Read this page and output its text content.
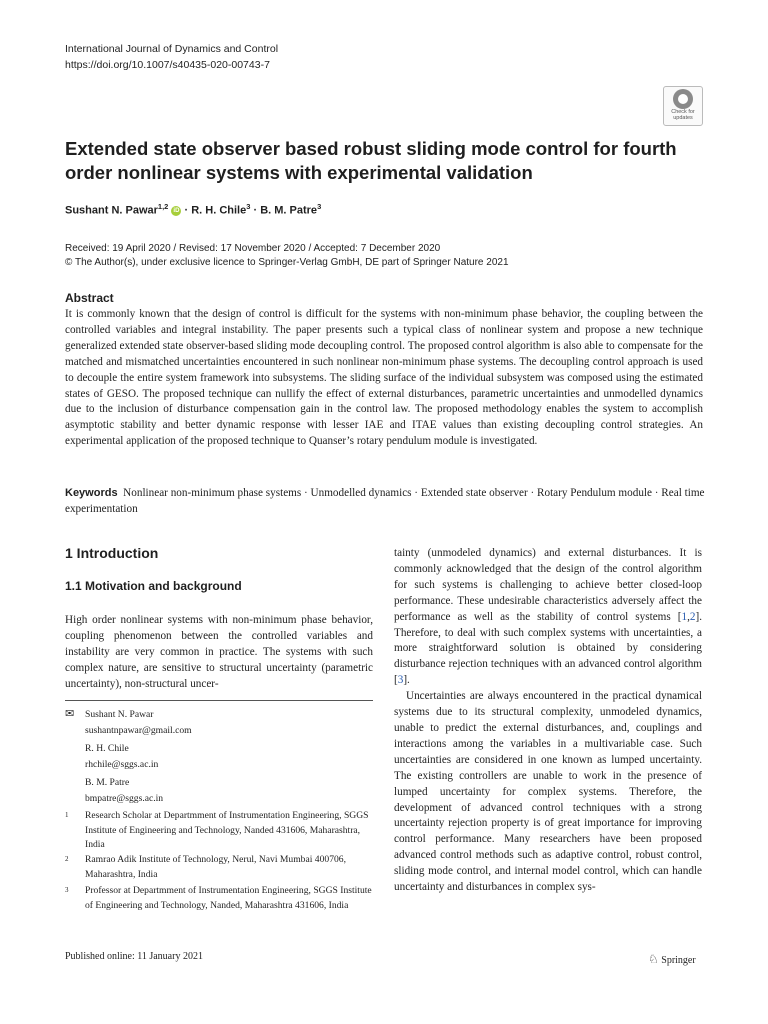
International Journal of Dynamics and Control
https://doi.org/10.1007/s40435-020-00743-7
Check for
updates
Extended state observer based robust sliding mode control for fourth order nonlinear systems with experimental validation
Sushant N. Pawar$^{1,2}$ iD · R. H. Chile$^3$ · B. M. Patre$^3$
Received: 19 April 2020 / Revised: 17 November 2020 / Accepted: 7 December 2020
© The Author(s), under exclusive licence to Springer-Verlag GmbH, DE part of Springer Nature 2021
Abstract
It is commonly known that the design of control is difficult for the systems with non-minimum phase behavior, the coupling between the controlled variables and integral instability. The paper presents such a typical class of nonlinear system and propose a new technique generalized extended state observer-based sliding mode decoupling control. The proposed control algorithm is also able to compensate for the matched and mismatched uncertainties encountered in such nonlinear non-minimum phase systems. The decoupling control approach is used to decouple the entire system framework into subsystems. The sliding surface of the individual subsystem was composed using the estimated states of GESO. The proposed technique can nullify the effect of external disturbances, parametric uncertainties and unmodelled dynamics due to the inclusion of disturbance compensation gain in the control law. The proposed methodology enables the system to accomplish asymptotic stability and better dynamic response with lesser IAE and ITAE values than existing decoupling control strategies. An experimental application of the proposed technique to Quanser’s rotary pendulum module is investigated.
Keywords Nonlinear non-minimum phase systems · Unmodelled dynamics · Extended state observer · Rotary Pendulum module · Real time experimentation
1 Introduction
1.1 Motivation and background
High order nonlinear systems with non-minimum phase behavior, coupling phenomenon between the controlled variables and instability are very common in practice. The systems with such complex nature, are sensitive to structural uncertainty (parametric uncertainty), non-structural uncer-

tainty (unmodeled dynamics) and external disturbances. It is commonly acknowledged that the design of the control algorithm for such systems is challenging to achieve better closed-loop performance. These undesirable characteristics adversely affect the performance as well as the stability of control systems [1,2]. Therefore, to deal with such complex systems with uncertainties, a more straightforward solution is obtained by considering disturbance rejection techniques with an advanced control algorithm [3].

Uncertainties are always encountered in the practical dynamical systems due to its structural complexity, unmodeled dynamics, unable to predict the external disturbances, and, couplings and interactions among the variables in a multivariable case. Such uncertainties are considered in one known as lumped uncertainty. The existing controllers are unable to work in the presence of lumped uncertainty for complex systems. Therefore, the development of advanced control techniques with a strong uncertainty rejection property is of great importance for improving control performance. Many researchers have been proposed advanced control methods such as adaptive control, robust control, sliding mode control, and internal model control, which can handle uncertainty and disturbances in complex sys-

✉	Sushant N. Pawar
sushantnpawar@gmail.com
R. H. Chile
rhchile@sggs.ac.in
B. M. Patre
bmpatre@sggs.ac.in
1	Research Scholar at Departmment of Instrumentation Engineering, SGGS Institute of Engineering and Technology, Nanded 431606, Maharashtra, India
2	Ramrao Adik Institute of Technology, Nerul, Navi Mumbai 400706, Maharashtra, India
3	Professor at Departmment of Instrumentation Engineering, SGGS Institute of Engineering and Technology, Nanded, Maharashtra 431606, India
Published online: 11 January 2021	♘ Springer
